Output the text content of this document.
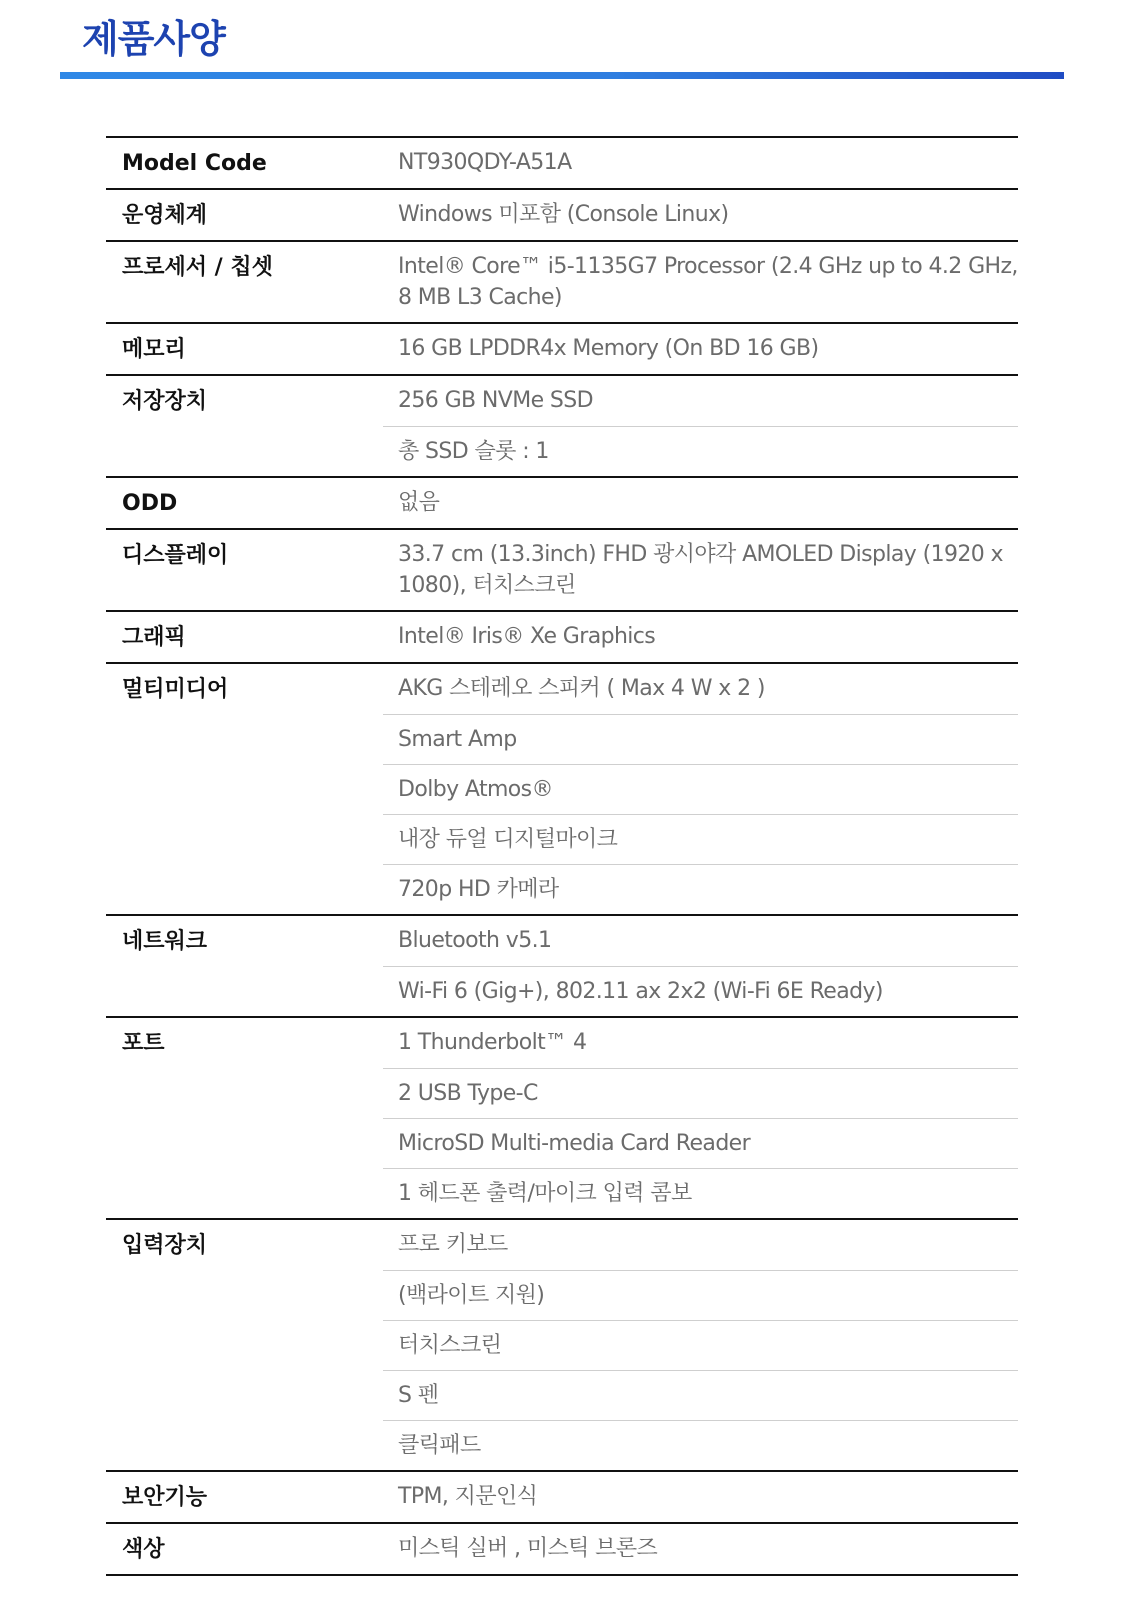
제품사양
Model Code	NT930QDY-A51A
운영체계	Windows 미포함 (Console Linux)
프로세서 / 칩셋	Intel® Core™ i5-1135G7 Processor (2.4 GHz up to 4.2 GHz, 8 MB L3 Cache)
메모리	16 GB LPDDR4x Memory (On BD 16 GB)
저장장치	256 GB NVMe SSD
총 SSD 슬롯 : 1
ODD	없음
디스플레이	33.7 cm (13.3inch) FHD 광시야각 AMOLED Display (1920 x 1080), 터치스크린
그래픽	Intel® Iris® Xe Graphics
멀티미디어	AKG 스테레오 스피커 ( Max 4 W x 2 )
Smart Amp
Dolby Atmos®
내장 듀얼 디지털마이크
720p HD 카메라
네트워크	Bluetooth v5.1
Wi-Fi 6 (Gig+), 802.11 ax 2x2 (Wi-Fi 6E Ready)
포트	1 Thunderbolt™ 4
2 USB Type-C
MicroSD Multi-media Card Reader
1 헤드폰 출력/마이크 입력 콤보
입력장치	프로 키보드
(백라이트 지원)
터치스크린
S 펜
클릭패드
보안기능	TPM, 지문인식
색상	미스틱 실버 , 미스틱 브론즈
